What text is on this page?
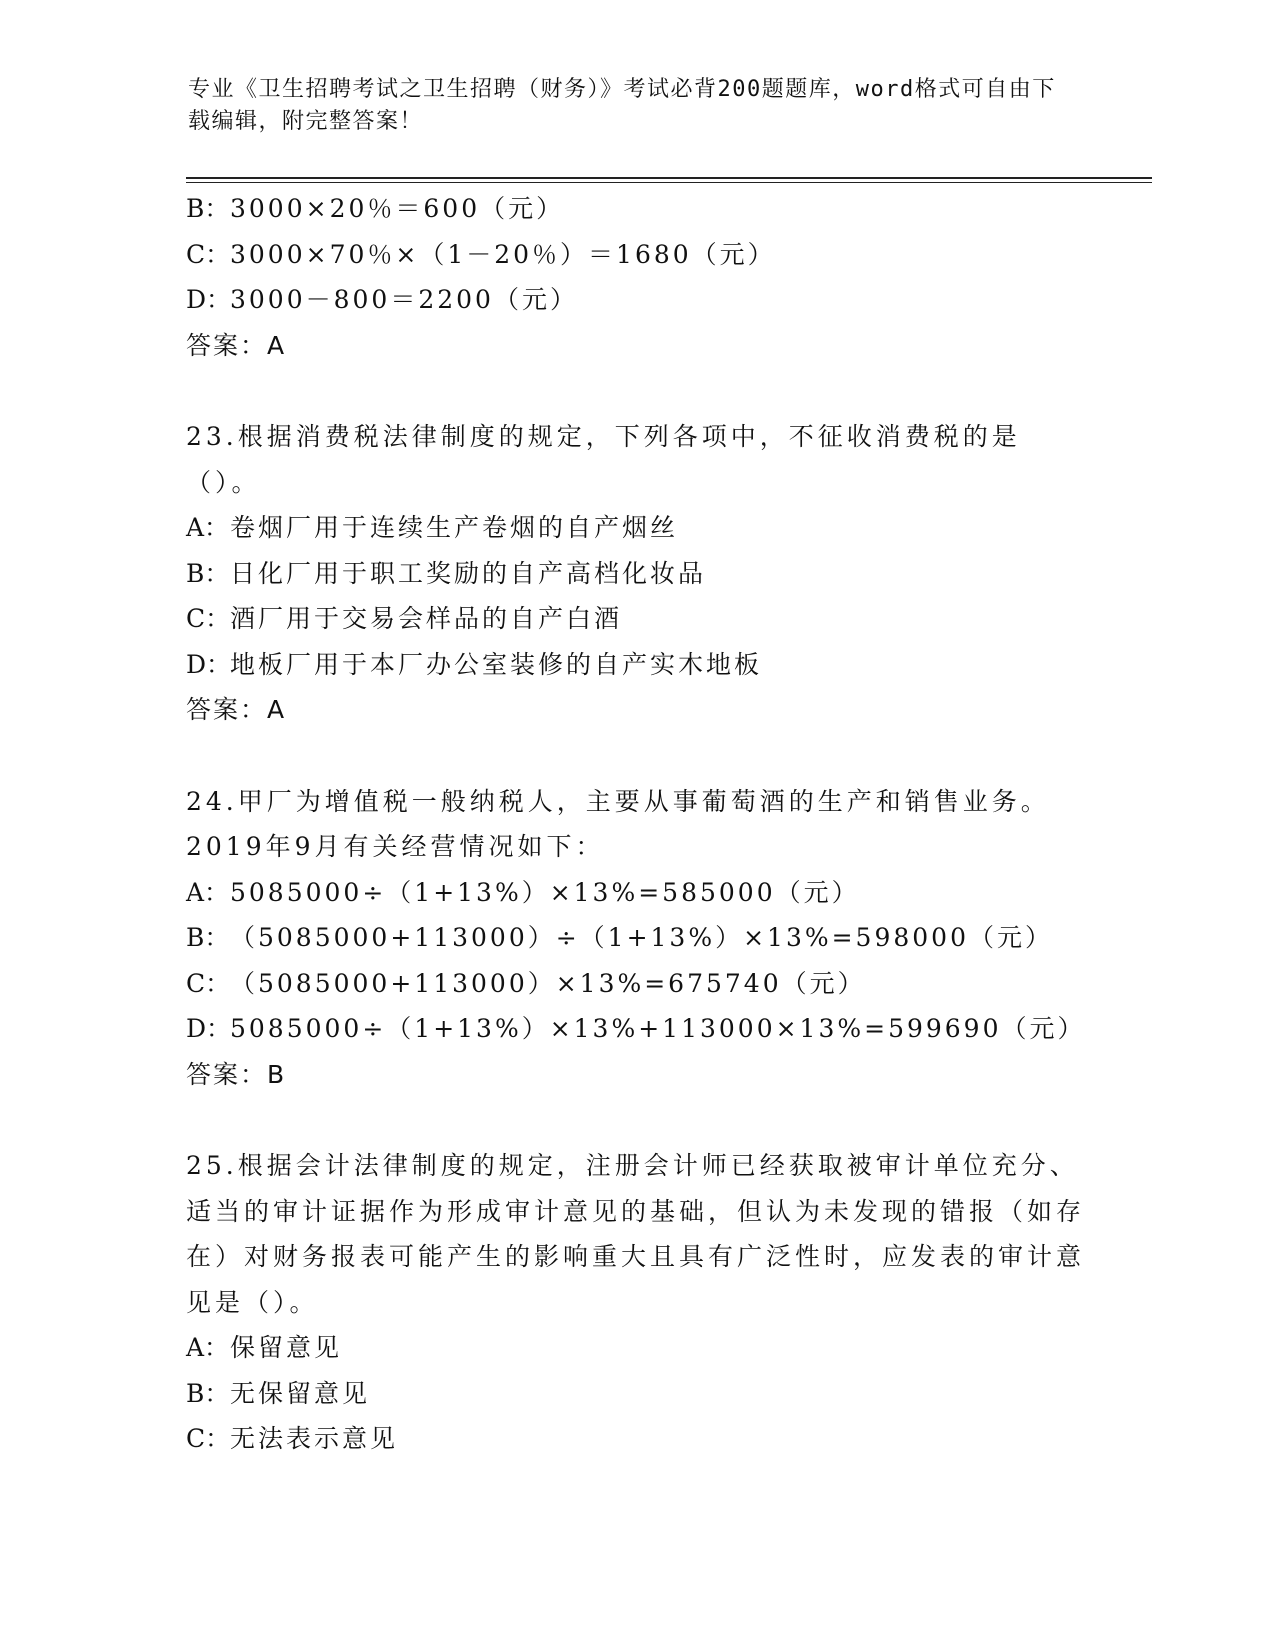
专业《卫生招聘考试之卫生招聘（财务）》考试必背200题题库，word格式可自由下载编辑，附完整答案！
B：3000×20％＝600（元）
C：3000×70％×（1－20％）＝1680（元）
D：3000－800＝2200（元）
答案：A
23.根据消费税法律制度的规定，下列各项中，不征收消费税的是（）。
A：卷烟厂用于连续生产卷烟的自产烟丝
B：日化厂用于职工奖励的自产高档化妆品
C：酒厂用于交易会样品的自产白酒
D：地板厂用于本厂办公室装修的自产实木地板
答案：A
24.甲厂为增值税一般纳税人，主要从事葡萄酒的生产和销售业务。2019年9月有关经营情况如下：
A：5085000÷（1+13%）×13%=585000（元）
B：（5085000+113000）÷（1+13%）×13%=598000（元）
C：（5085000+113000）×13%=675740（元）
D：5085000÷（1+13%）×13%+113000×13%=599690（元）
答案：B
25.根据会计法律制度的规定，注册会计师已经获取被审计单位充分、适当的审计证据作为形成审计意见的基础，但认为未发现的错报（如存在）对财务报表可能产生的影响重大且具有广泛性时，应发表的审计意见是（）。
A：保留意见
B：无保留意见
C：无法表示意见
